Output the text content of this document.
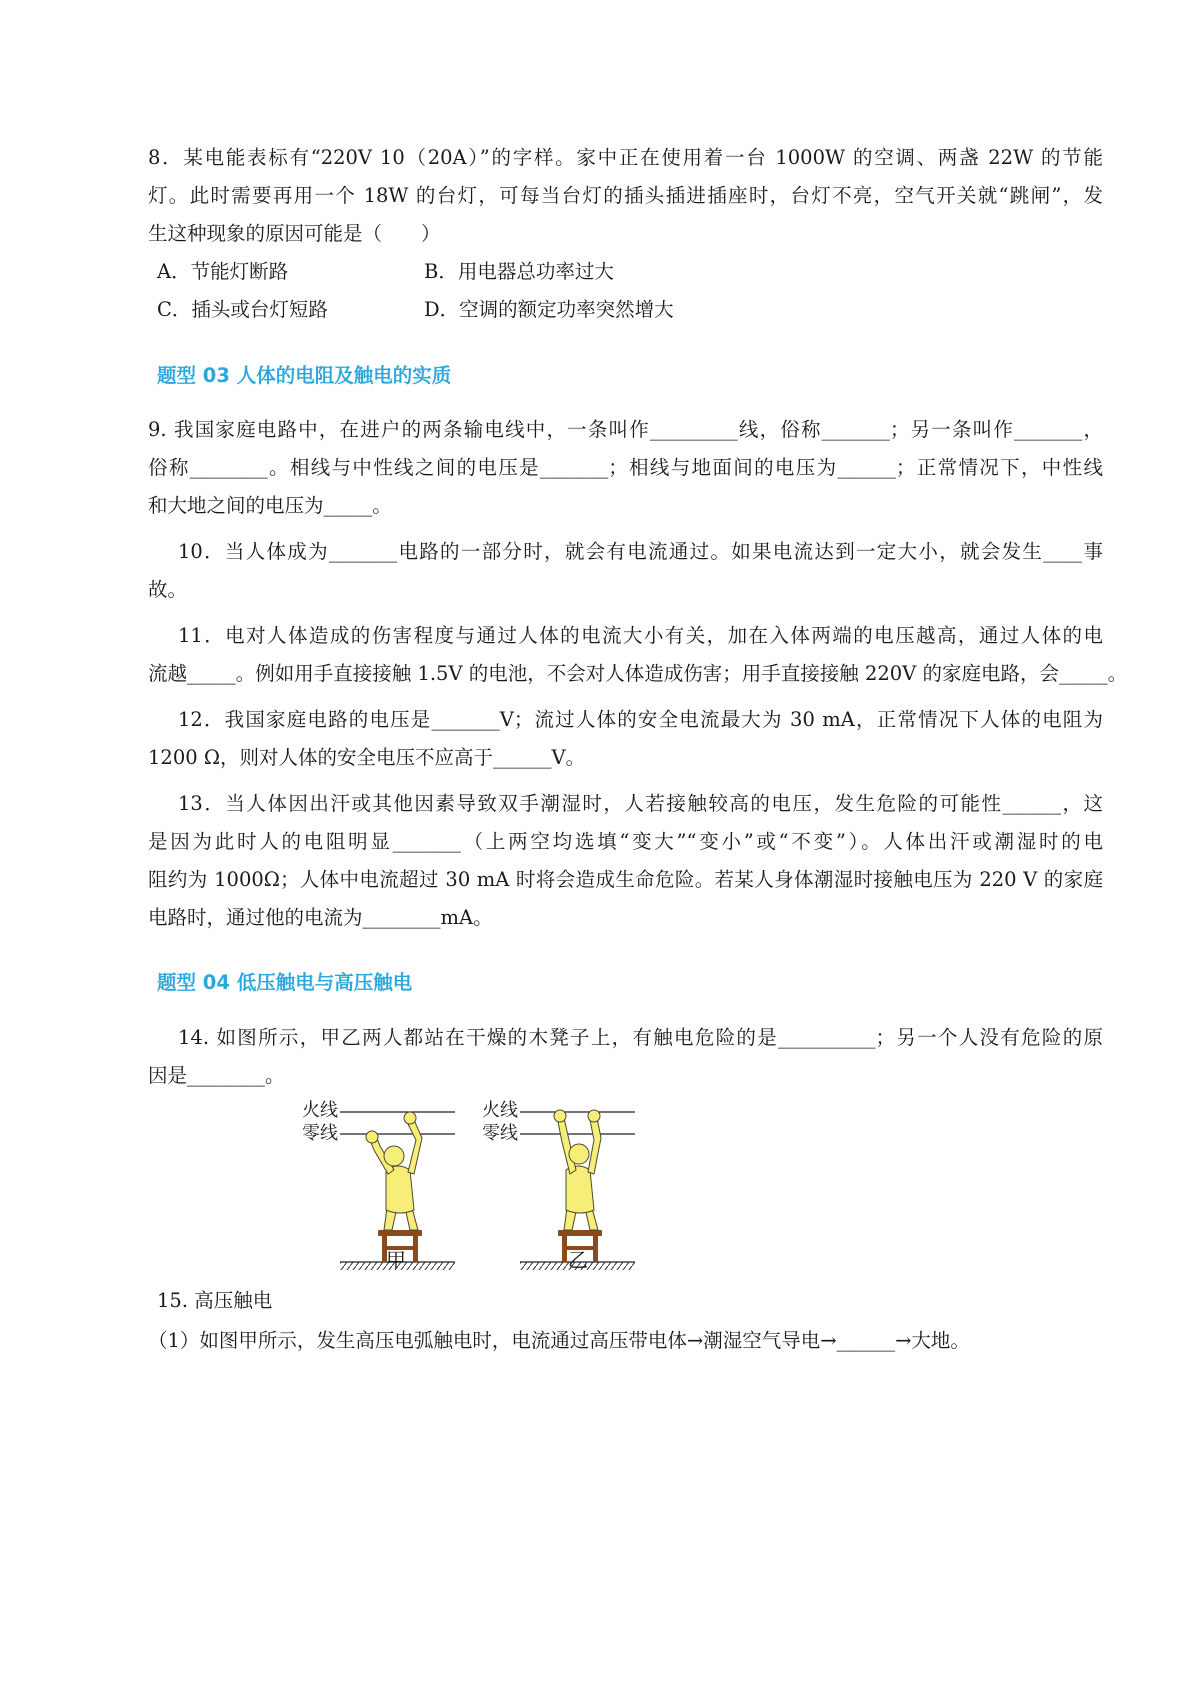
8．某电能表标有“220V 10（20A）”的字样。家中正在使用着一台 1000W 的空调、两盏 22W 的节能
灯。此时需要再用一个 18W 的台灯，可每当台灯的插头插进插座时，台灯不亮，空气开关就“跳闸”，发
生这种现象的原因可能是（　　）
A．节能灯断路	B．用电器总功率过大
C．插头或台灯短路	D．空调的额定功率突然增大
题型 03 人体的电阻及触电的实质
9. 我国家庭电路中，在进户的两条输电线中，一条叫作_________线，俗称_______；另一条叫作_______，
俗称________。相线与中性线之间的电压是_______；相线与地面间的电压为______；正常情况下，中性线
和大地之间的电压为_____。
10．当人体成为_______电路的一部分时，就会有电流通过。如果电流达到一定大小，就会发生____事
故。
11．电对人体造成的伤害程度与通过人体的电流大小有关，加在入体两端的电压越高，通过人体的电
流越_____。例如用手直接接触 1.5V 的电池，不会对人体造成伤害；用手直接接触 220V 的家庭电路，会_____。
12．我国家庭电路的电压是_______V；流过人体的安全电流最大为 30 mA，正常情况下人体的电阻为
1200 Ω，则对人体的安全电压不应高于______V。
13．当人体因出汗或其他因素导致双手潮湿时，人若接触较高的电压，发生危险的可能性______，这
是因为此时人的电阻明显_______（上两空均选填“变大”“变小”或“不变”）。人体出汗或潮湿时的电
阻约为 1000Ω；人体中电流超过 30 mA 时将会造成生命危险。若某人身体潮湿时接触电压为 220 V 的家庭
电路时，通过他的电流为________mA。
题型 04 低压触电与高压触电
14. 如图所示，甲乙两人都站在干燥的木凳子上，有触电危险的是__________；另一个人没有危险的原
因是________。
火线
零线
火线
零线
甲	乙
15. 高压触电
（1）如图甲所示，发生高压电弧触电时，电流通过高压带电体→潮湿空气导电→______→大地。
